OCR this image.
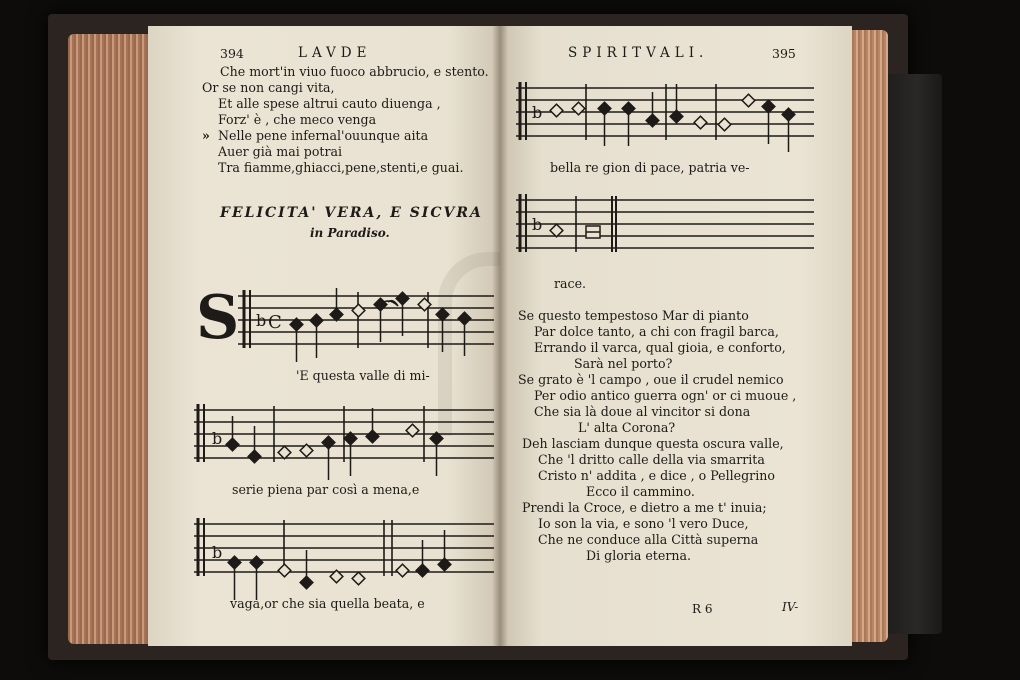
394	LAVDE
Che mort'in viuo fuoco abbrucio, e stento.
Or se non cangi vita,
Et alle spese altrui cauto diuenga ,
Forz' è , che meco venga
» Nelle pene infernal'ouunque aita
Auer già mai potrai
Tra fiamme,ghiacci,pene,stenti,e guai.
FELICITA' VERA, E SICVRA
in Paradiso.
S b C
'E questa valle di mi-
b
serie piena par così a mena,e
b
vaga,or che sia quella beata, e
SPIRITVALI.	395
b
bella re gion di pace, patria ve-
b
race.
Se questo tempestoso Mar di pianto
Par dolce tanto, a chi con fragil barca,
Errando il varca, qual gioia, e conforto,
Sarà nel porto?
Se grato è 'l campo , oue il crudel nemico
Per odio antico guerra ogn' or ci muoue ,
Che sia là doue al vincitor si dona
L' alta Corona?
Deh lasciam dunque questa oscura valle,
Che 'l dritto calle della via smarrita
Cristo n' addita , e dice , o Pellegrino
Ecco il cammino.
Prendi la Croce, e dietro a me t' inuia;
Io son la via, e sono 'l vero Duce,
Che ne conduce alla Città superna
Di gloria eterna.
R 6	IV-
